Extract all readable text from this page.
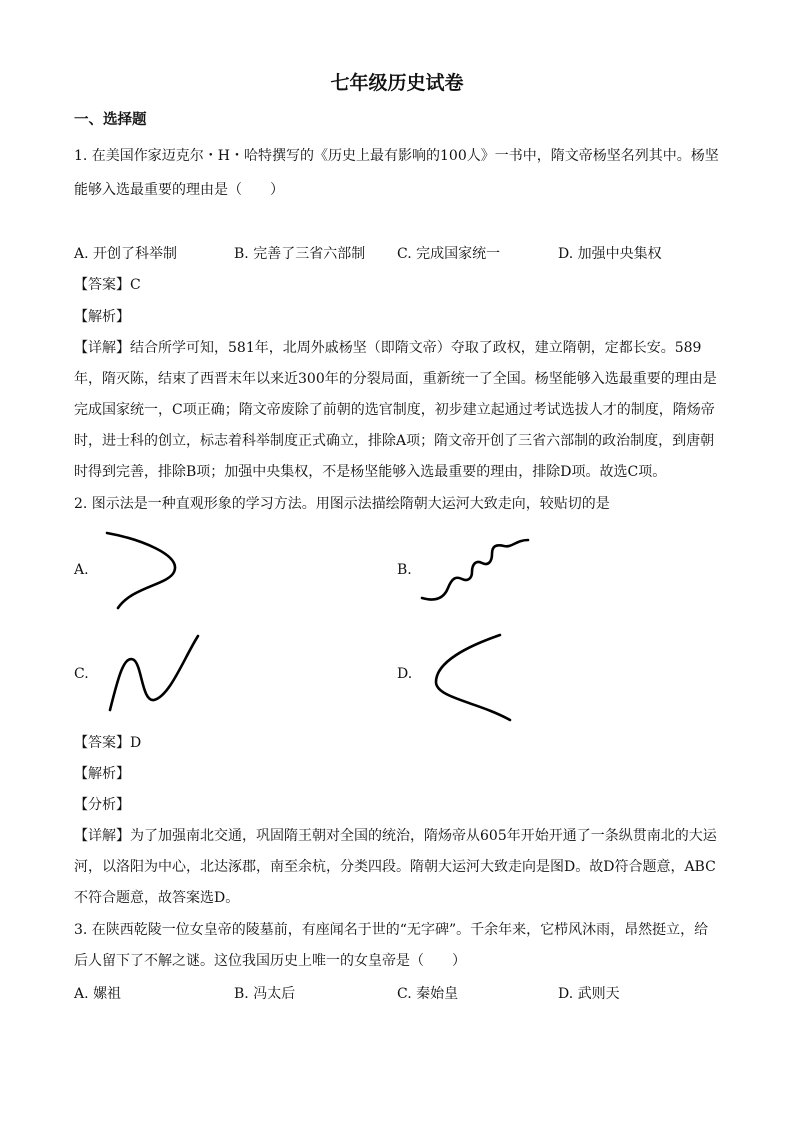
七年级历史试卷
一、选择题
1. 在美国作家迈克尔・H・哈特撰写的《历史上最有影响的100人》一书中，隋文帝杨坚名列其中。杨坚
能够入选最重要的理由是（　　）
A. 开创了科举制	B. 完善了三省六部制 C. 完成国家统一	D. 加强中央集权
【答案】C
【解析】
【详解】结合所学可知，581年，北周外戚杨坚（即隋文帝）夺取了政权，建立隋朝，定都长安。589
年，隋灭陈，结束了西晋末年以来近300年的分裂局面，重新统一了全国。杨坚能够入选最重要的理由是
完成国家统一，C项正确；隋文帝废除了前朝的选官制度，初步建立起通过考试选拔人才的制度，隋炀帝
时，进士科的创立，标志着科举制度正式确立，排除A项；隋文帝开创了三省六部制的政治制度，到唐朝
时得到完善，排除B项；加强中央集权，不是杨坚能够入选最重要的理由，排除D项。故选C项。
2. 图示法是一种直观形象的学习方法。用图示法描绘隋朝大运河大致走向，较贴切的是
A.	B.
C.	D.
【答案】D
【解析】
【分析】
【详解】为了加强南北交通，巩固隋王朝对全国的统治，隋炀帝从605年开始开通了一条纵贯南北的大运
河，以洛阳为中心，北达涿郡，南至余杭，分类四段。隋朝大运河大致走向是图D。故D符合题意，ABC
不符合题意，故答案选D。
3. 在陕西乾陵一位女皇帝的陵墓前，有座闻名于世的“无字碑”。千余年来，它栉风沐雨，昂然挺立，给
后人留下了不解之谜。这位我国历史上唯一的女皇帝是（　　）
A. 嫘祖	B. 冯太后	C. 秦始皇	D. 武则天
